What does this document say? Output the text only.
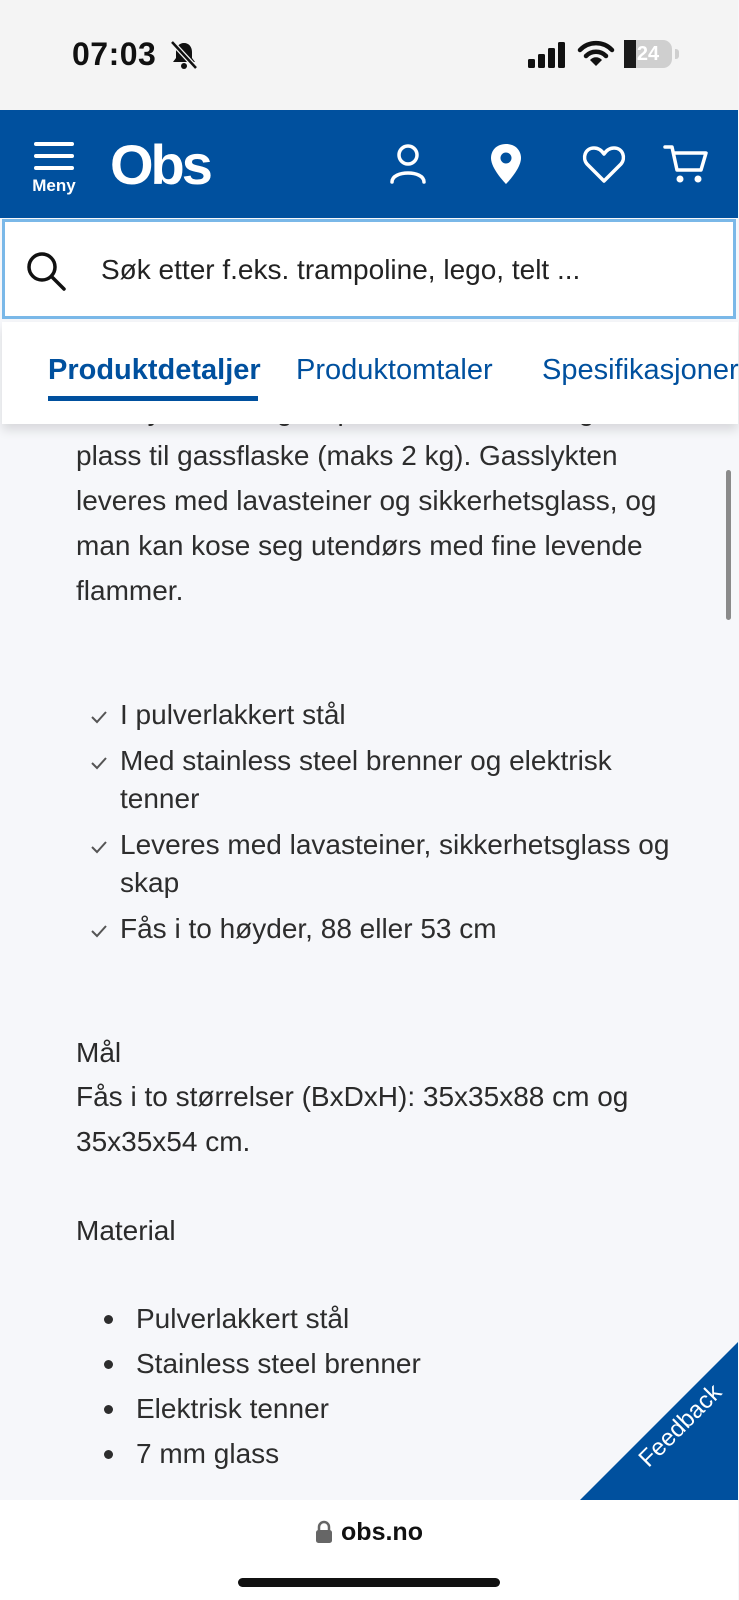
07:03	24
Meny Obs
Søk etter f.eks. trampoline, lego, telt ...
Produktdetaljer Produktomtaler Spesifikasjoner

plass til gassflaske (maks 2 kg). Gasslykten leveres med lavasteiner og sikkerhetsglass, og man kan kose seg utendørs med fine levende flammer.

I pulverlakkert stål
Med stainless steel brenner og elektrisk tenner
Leveres med lavasteiner, sikkerhetsglass og skap
Fås i to høyder, 88 eller 53 cm
Mål
Fås i to størrelser (BxDxH): 35x35x88 cm og 35x35x54 cm.
Material
Pulverlakkert stål
Stainless steel brenner
Elektrisk tenner
7 mm glass	Feedback
obs.no
